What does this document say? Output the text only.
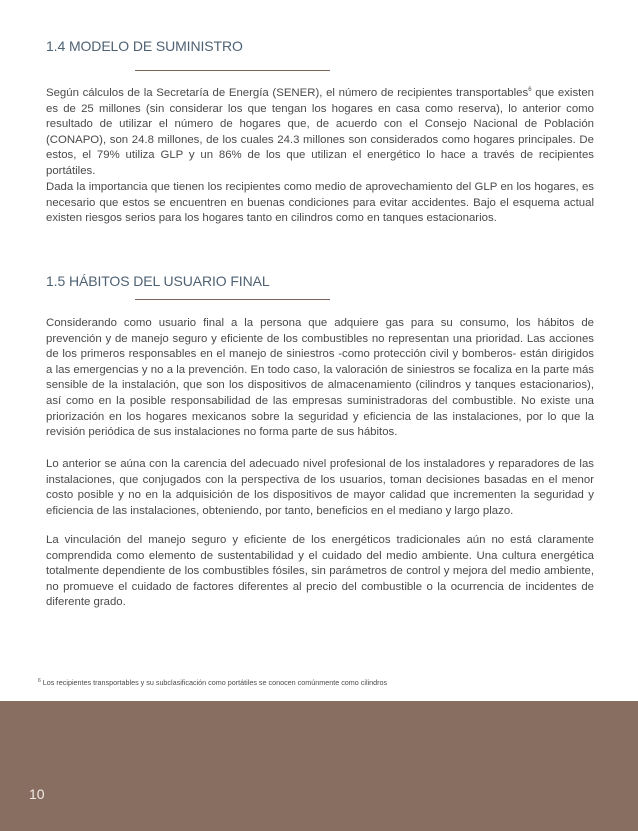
1.4 MODELO DE SUMINISTRO

Según cálculos de la Secretaría de Energía (SENER), el número de recipientes transportables$^6$ que existen es de 25 millones (sin considerar los que tengan los hogares en casa como reserva), lo anterior como resultado de utilizar el número de hogares que, de acuerdo con el Consejo Nacional de Población (CONAPO), son 24.8 millones, de los cuales 24.3 millones son considerados como hogares principales. De estos, el 79% utiliza GLP y un 86% de los que utilizan el energético lo hace a través de recipientes portátiles.

Dada la importancia que tienen los recipientes como medio de aprovechamiento del GLP en los hogares, es necesario que estos se encuentren en buenas condiciones para evitar accidentes. Bajo el esquema actual existen riesgos serios para los hogares tanto en cilindros como en tanques estacionarios.

1.5 HÁBITOS DEL USUARIO FINAL

Considerando como usuario final a la persona que adquiere gas para su consumo, los hábitos de prevención y de manejo seguro y eficiente de los combustibles no representan una prioridad. Las acciones de los primeros responsables en el manejo de siniestros -como protección civil y bomberos- están dirigidos a las emergencias y no a la prevención. En todo caso, la valoración de siniestros se focaliza en la parte más sensible de la instalación, que son los dispositivos de almacenamiento (cilindros y tanques estacionarios), así como en la posible responsabilidad de las empresas suministradoras del combustible. No existe una priorización en los hogares mexicanos sobre la seguridad y eficiencia de las instalaciones, por lo que la revisión periódica de sus instalaciones no forma parte de sus hábitos.

Lo anterior se aúna con la carencia del adecuado nivel profesional de los instaladores y reparadores de las instalaciones, que conjugados con la perspectiva de los usuarios, toman decisiones basadas en el menor costo posible y no en la adquisición de los dispositivos de mayor calidad que incrementen la seguridad y eficiencia de las instalaciones, obteniendo, por tanto, beneficios en el mediano y largo plazo.

La vinculación del manejo seguro y eficiente de los energéticos tradicionales aún no está claramente comprendida como elemento de sustentabilidad y el cuidado del medio ambiente. Una cultura energética totalmente dependiente de los combustibles fósiles, sin parámetros de control y mejora del medio ambiente, no promueve el cuidado de factores diferentes al precio del combustible o la ocurrencia de incidentes de diferente grado.

$^6$ Los recipientes transportables y su subclasificación como portátiles se conocen comúnmente como cilindros
10
